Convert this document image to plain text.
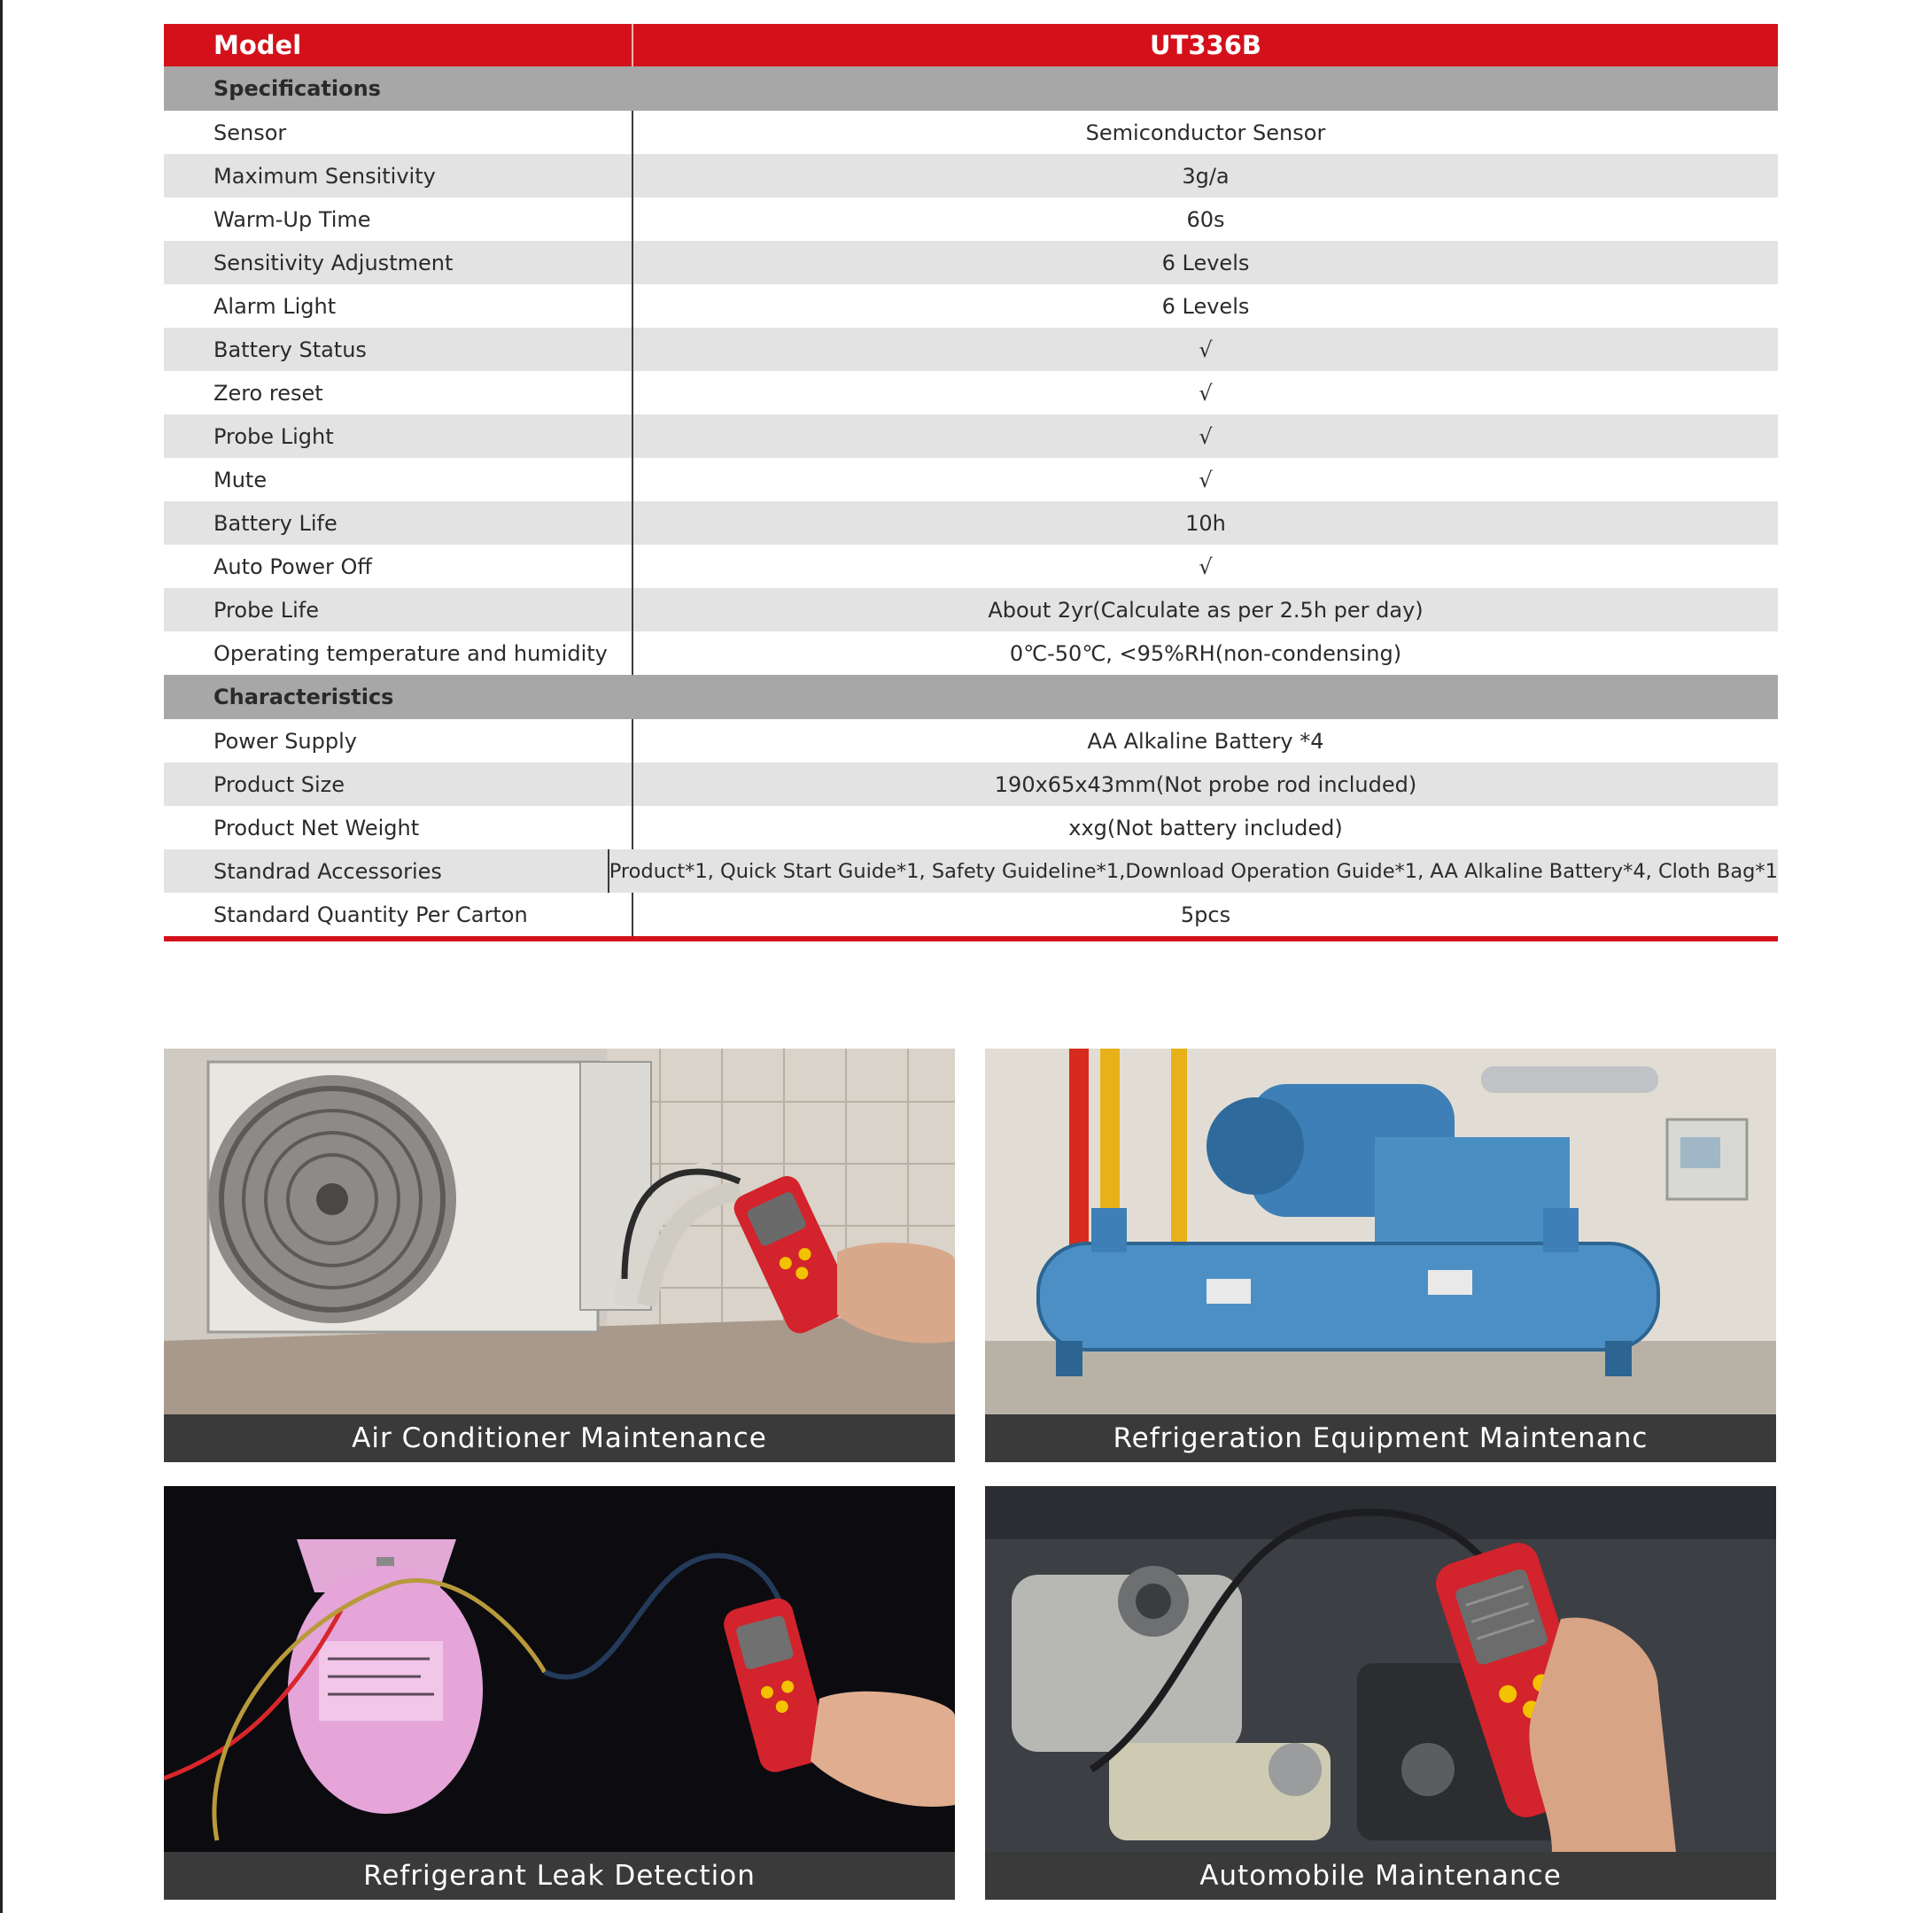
Model	UT336B
Specifications
Sensor	Semiconductor Sensor
Maximum Sensitivity	3g/a
Warm-Up Time	60s
Sensitivity Adjustment	6 Levels
Alarm Light	6 Levels
Battery Status	√
Zero reset	√
Probe Light	√
Mute	√
Battery Life	10h
Auto Power Off	√
Probe Life	About 2yr(Calculate as per 2.5h per day)
Operating temperature and humidity	0℃-50℃, <95%RH(non-condensing)
Characteristics
Power Supply	AA Alkaline Battery *4
Product Size	190x65x43mm(Not probe rod included)
Product Net Weight	xxg(Not battery included)
Standrad Accessories	Product*1, Quick Start Guide*1, Safety Guideline*1,Download Operation Guide*1, AA Alkaline Battery*4, Cloth Bag*1
Standard Quantity Per Carton	5pcs
Air Conditioner Maintenance	Refrigeration Equipment Maintenanc
Refrigerant Leak Detection	Automobile Maintenance
